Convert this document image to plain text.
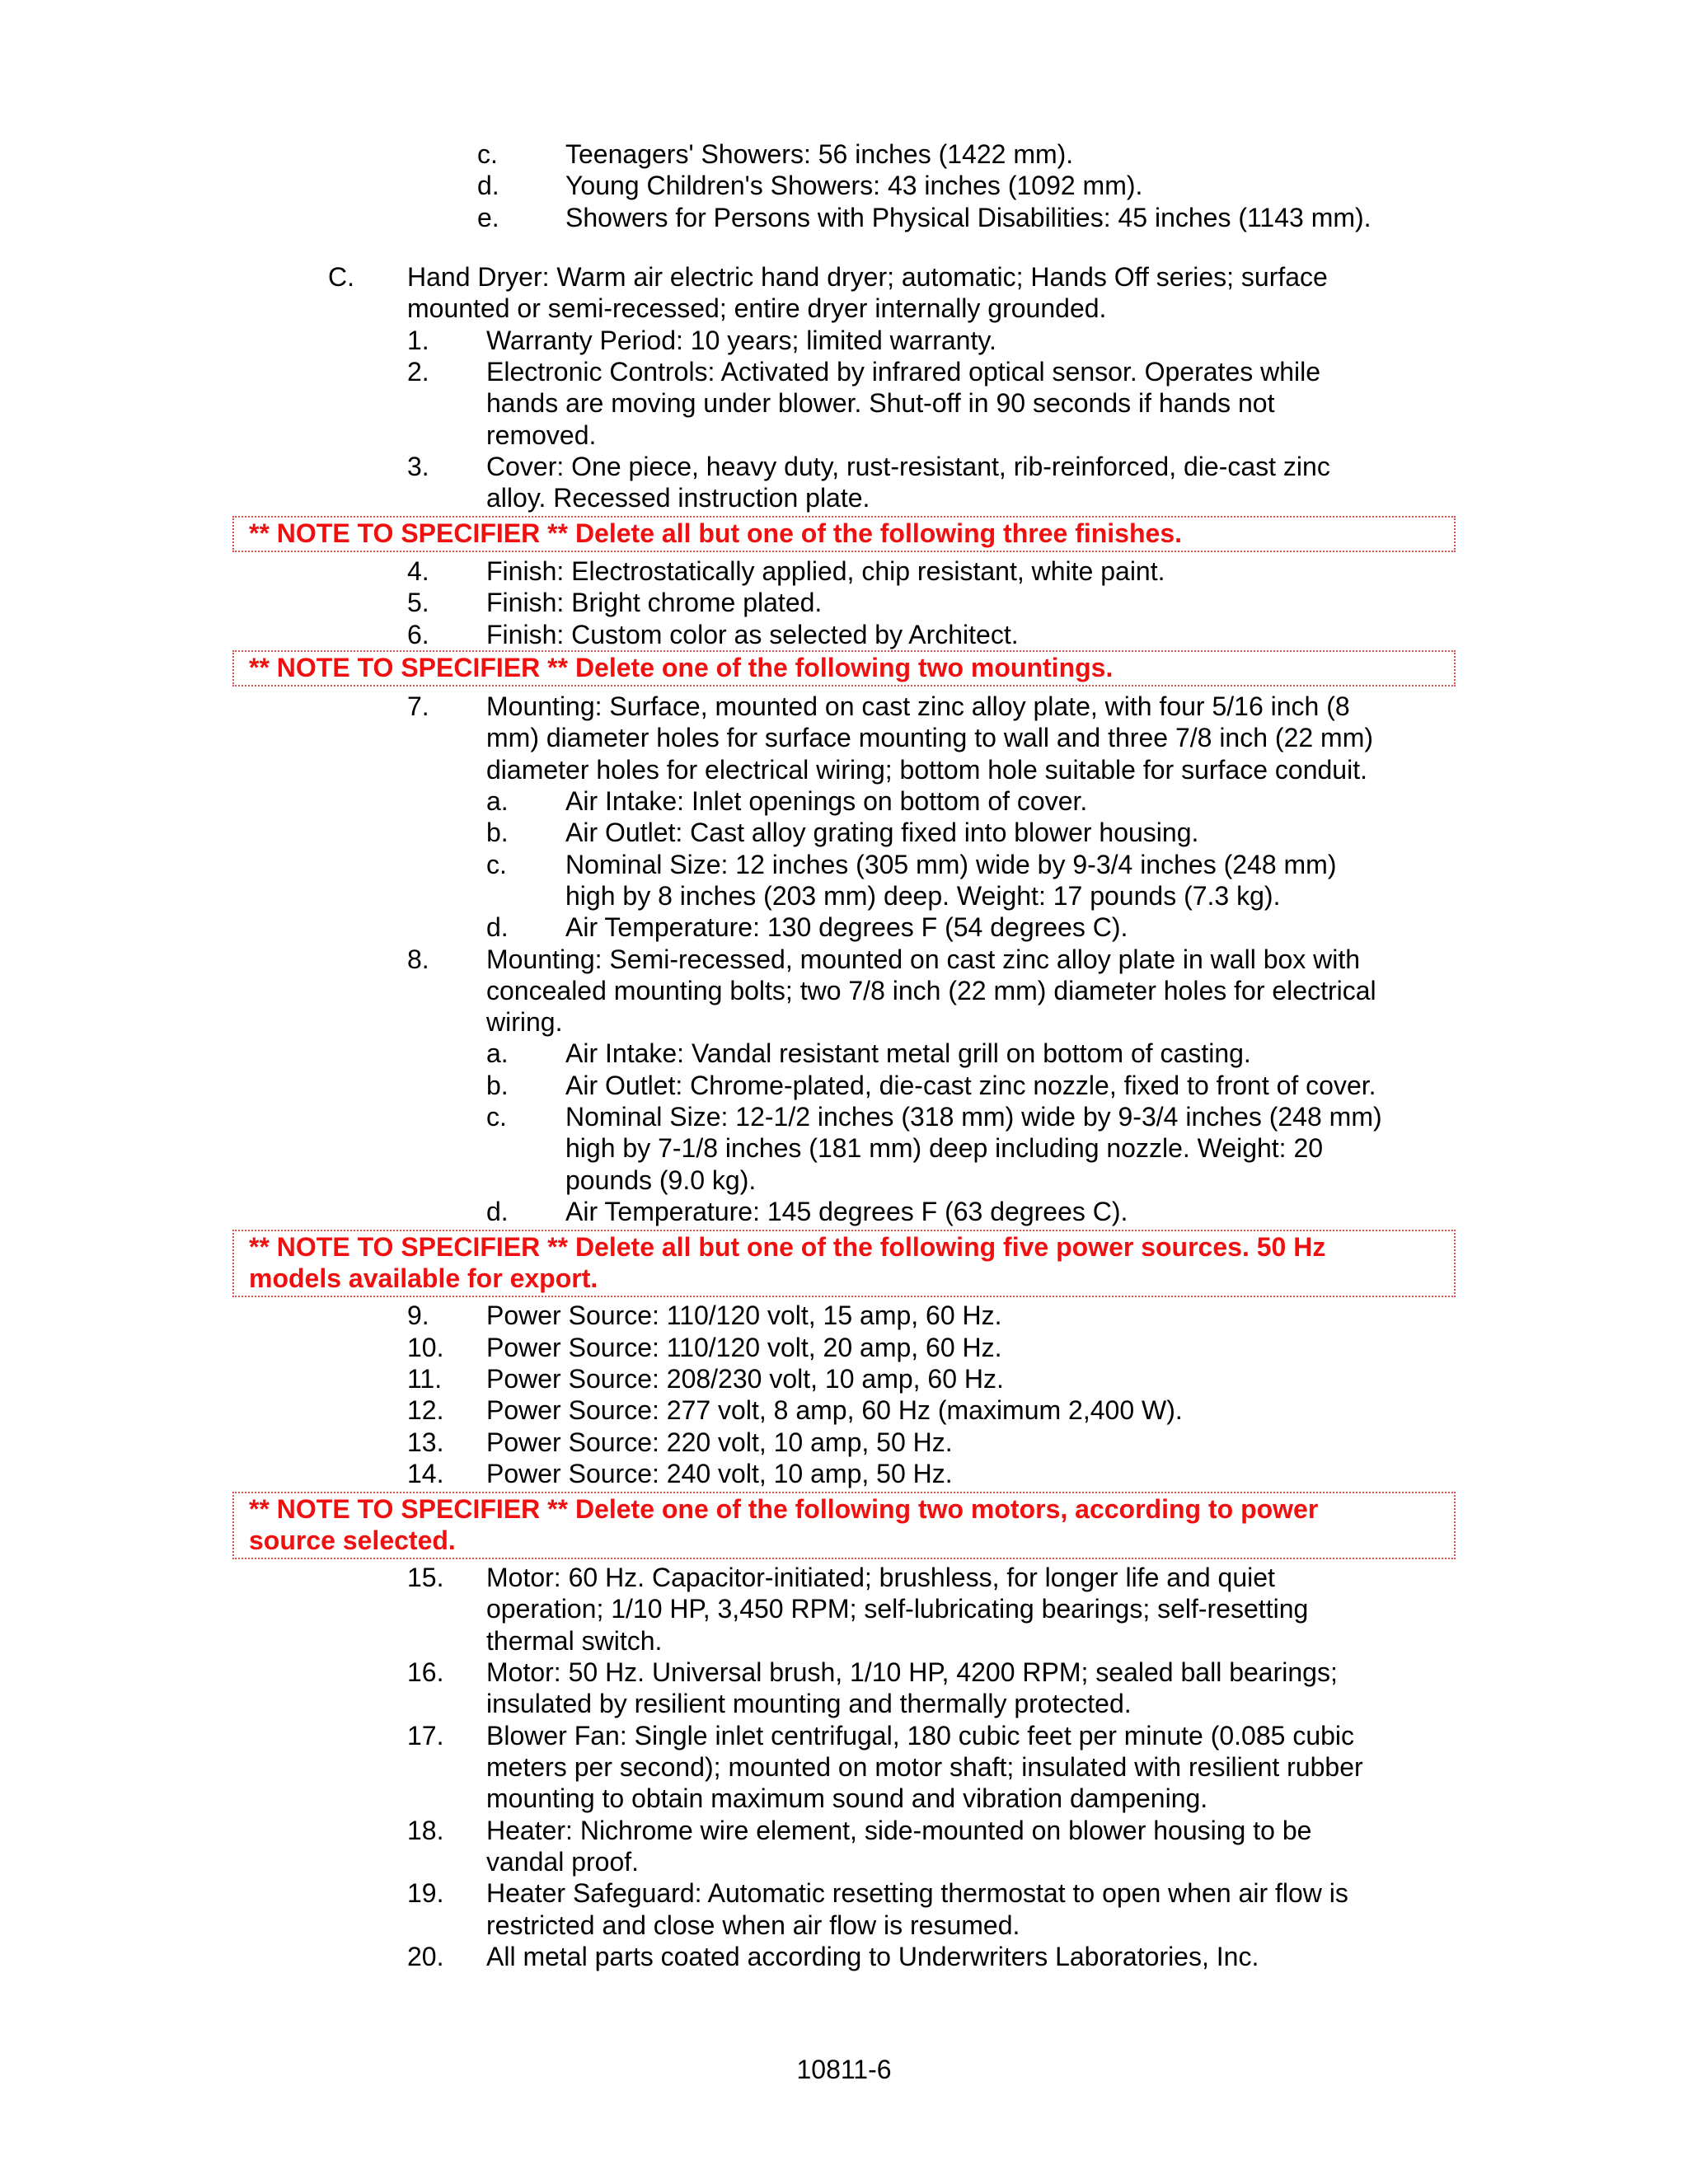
c.	Teenagers' Showers: 56 inches (1422 mm).
d.	Young Children's Showers: 43 inches (1092 mm).
e.	Showers for Persons with Physical Disabilities: 45 inches (1143 mm).
C. Hand Dryer: Warm air electric hand dryer; automatic; Hands Off series; surface
mounted or semi-recessed; entire dryer internally grounded.
1. Warranty Period: 10 years; limited warranty.
2. Electronic Controls: Activated by infrared optical sensor. Operates while
hands are moving under blower. Shut-off in 90 seconds if hands not
removed.
3. Cover: One piece, heavy duty, rust-resistant, rib-reinforced, die-cast zinc
alloy. Recessed instruction plate.
4. Finish: Electrostatically applied, chip resistant, white paint.
5. Finish: Bright chrome plated.
6. Finish: Custom color as selected by Architect.
7. Mounting: Surface, mounted on cast zinc alloy plate, with four 5/16 inch (8
mm) diameter holes for surface mounting to wall and three 7/8 inch (22 mm)
diameter holes for electrical wiring; bottom hole suitable for surface conduit.
a. Air Intake: Inlet openings on bottom of cover.
b. Air Outlet: Cast alloy grating fixed into blower housing.
c. Nominal Size: 12 inches (305 mm) wide by 9-3/4 inches (248 mm)
high by 8 inches (203 mm) deep. Weight: 17 pounds (7.3 kg).
d. Air Temperature: 130 degrees F (54 degrees C).
8. Mounting: Semi-recessed, mounted on cast zinc alloy plate in wall box with
concealed mounting bolts; two 7/8 inch (22 mm) diameter holes for electrical
wiring.
a. Air Intake: Vandal resistant metal grill on bottom of casting.
b. Air Outlet: Chrome-plated, die-cast zinc nozzle, fixed to front of cover.
c. Nominal Size: 12-1/2 inches (318 mm) wide by 9-3/4 inches (248 mm)
high by 7-1/8 inches (181 mm) deep including nozzle. Weight: 20
pounds (9.0 kg).
d. Air Temperature: 145 degrees F (63 degrees C).
9. Power Source: 110/120 volt, 15 amp, 60 Hz.
10. Power Source: 110/120 volt, 20 amp, 60 Hz.
11. Power Source: 208/230 volt, 10 amp, 60 Hz.
12. Power Source: 277 volt, 8 amp, 60 Hz (maximum 2,400 W).
13. Power Source: 220 volt, 10 amp, 50 Hz.
14. Power Source: 240 volt, 10 amp, 50 Hz.
15. Motor: 60 Hz. Capacitor-initiated; brushless, for longer life and quiet
operation; 1/10 HP, 3,450 RPM; self-lubricating bearings; self-resetting
thermal switch.
16. Motor: 50 Hz. Universal brush, 1/10 HP, 4200 RPM; sealed ball bearings;
insulated by resilient mounting and thermally protected.
17. Blower Fan: Single inlet centrifugal, 180 cubic feet per minute (0.085 cubic
meters per second); mounted on motor shaft; insulated with resilient rubber
mounting to obtain maximum sound and vibration dampening.
18. Heater: Nichrome wire element, side-mounted on blower housing to be
vandal proof.
19. Heater Safeguard: Automatic resetting thermostat to open when air flow is
restricted and close when air flow is resumed.
20. All metal parts coated according to Underwriters Laboratories, Inc.
** NOTE TO SPECIFIER ** Delete all but one of the following three finishes.
** NOTE TO SPECIFIER ** Delete one of the following two mountings.
** NOTE TO SPECIFIER ** Delete all but one of the following five power sources. 50 Hz
models available for export.
** NOTE TO SPECIFIER ** Delete one of the following two motors, according to power
source selected.
10811-6
